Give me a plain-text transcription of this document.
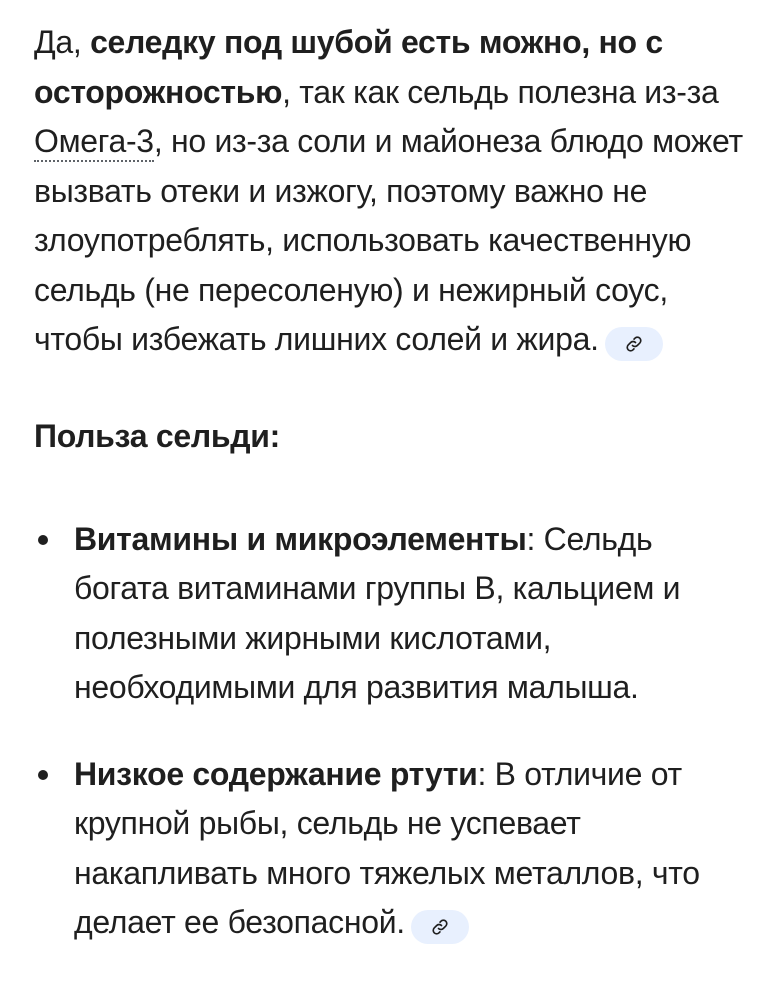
Да, селедку под шубой есть можно, но с осторожностью, так как сельдь полезна из-за Омега-3, но из-за соли и майонеза блюдо может вызвать отеки и изжогу, поэтому важно не злоупотреблять, использовать качественную сельдь (не пересоленую) и нежирный соус, чтобы избежать лишних солей и жира.

Польза сельди:
Витамины и микроэлементы: Сельдь богата витаминами группы B, кальцием и полезными жирными кислотами, необходимыми для развития малыша.
Низкое содержание ртути: В отличие от крупной рыбы, сельдь не успевает накапливать много тяжелых металлов, что делает ее безопасной.
